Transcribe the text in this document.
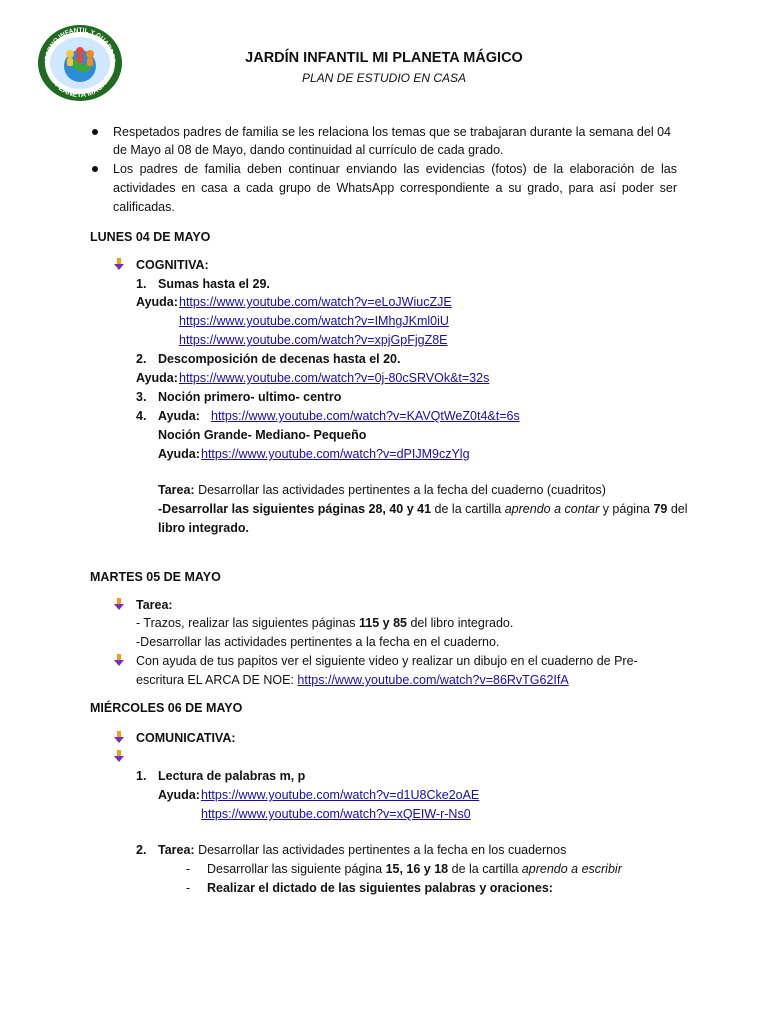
ATERNO INFANTIL Y GUARDER
MI PLANETA MÁGICO
JARDÍN INFANTIL MI PLANETA MÁGICO
PLAN DE ESTUDIO EN CASA
Respetados padres de familia se les relaciona los temas que se trabajaran durante la semana del 04
de Mayo al 08 de Mayo, dando continuidad al currículo de cada grado.
Los padres de familia deben continuar enviando las evidencias (fotos) de la elaboración de las
actividades en casa a cada grupo de WhatsApp correspondiente a su grado, para así poder ser
calificadas.
LUNES 04 DE MAYO
COGNITIVA:
1. Sumas hasta el 29.
Ayuda: https://www.youtube.com/watch?v=eLoJWiucZJE
https://www.youtube.com/watch?v=IMhgJKml0iU
https://www.youtube.com/watch?v=xpjGpFjgZ8E
2. Descomposición de decenas hasta el 20.
Ayuda: https://www.youtube.com/watch?v=0j-80cSRVOk&t=32s
3. Noción primero- ultimo- centro
4. Ayuda: https://www.youtube.com/watch?v=KAVQtWeZ0t4&t=6s
Noción Grande- Mediano- Pequeño
Ayuda: https://www.youtube.com/watch?v=dPIJM9czYlg
Tarea: Desarrollar las actividades pertinentes a la fecha del cuaderno (cuadritos)
-Desarrollar las siguientes páginas 28, 40 y 41 de la cartilla aprendo a contar y página 79 del
libro integrado.
MARTES 05 DE MAYO
Tarea:
- Trazos, realizar las siguientes páginas 115 y 85 del libro integrado.
-Desarrollar las actividades pertinentes a la fecha en el cuaderno.
Con ayuda de tus papitos ver el siguiente video y realizar un dibujo en el cuaderno de Pre-
escritura EL ARCA DE NOE: https://www.youtube.com/watch?v=86RvTG62IfA
MIÉRCOLES 06 DE MAYO
COMUNICATIVA:
1. Lectura de palabras m, p
Ayuda: https://www.youtube.com/watch?v=d1U8Cke2oAE
https://www.youtube.com/watch?v=xQEIW-r-Ns0
2. Tarea: Desarrollar las actividades pertinentes a la fecha en los cuadernos
- Desarrollar las siguiente página 15, 16 y 18 de la cartilla aprendo a escribir
- Realizar el dictado de las siguientes palabras y oraciones:
